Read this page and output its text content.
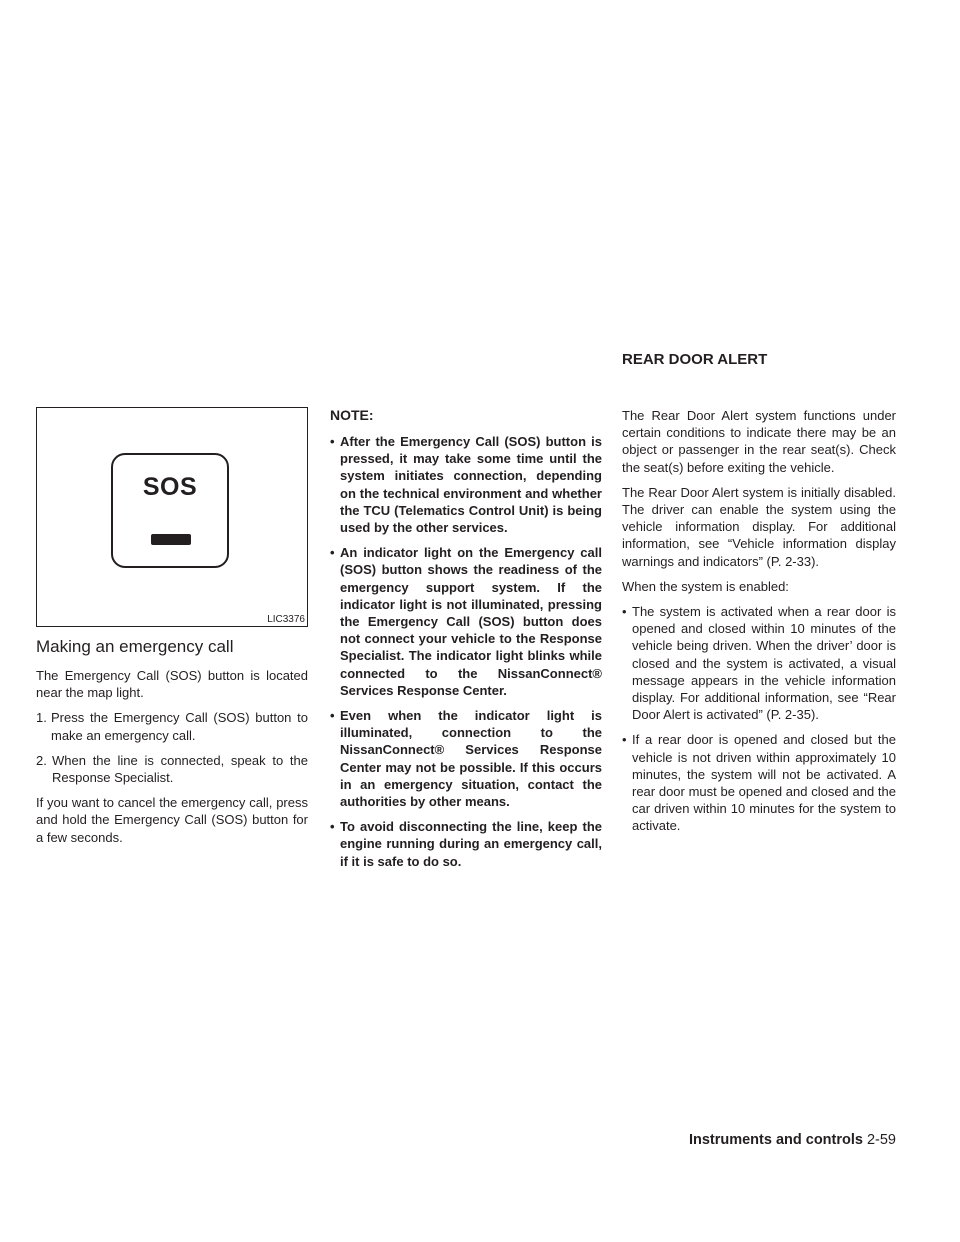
REAR DOOR ALERT
SOS
LIC3376
Making an emergency call

The Emergency Call (SOS) button is located near the map light.

1. Press the Emergency Call (SOS) button to make an emergency call.
2. When the line is connected, speak to the Response Specialist.

If you want to cancel the emergency call, press and hold the Emergency Call (SOS) button for a few seconds.

NOTE:
• After the Emergency Call (SOS) button is pressed, it may take some time until the system initiates connection, depending on the technical environment and whether the TCU (Telematics Control Unit) is being used by the other services.
• An indicator light on the Emergency call (SOS) button shows the readiness of the emergency support system. If the indicator light is not illuminated, pressing the Emergency Call (SOS) button does not connect your vehicle to the Response Specialist. The indicator light blinks while connected to the NissanConnect® Services Response Center.
• Even when the indicator light is illuminated, connection to the NissanConnect® Services Response Center may not be possible. If this occurs in an emergency situation, contact the authorities by other means.
• To avoid disconnecting the line, keep the engine running during an emergency call, if it is safe to do so.

The Rear Door Alert system functions under certain conditions to indicate there may be an object or passenger in the rear seat(s). Check the seat(s) before exiting the vehicle.

The Rear Door Alert system is initially disabled. The driver can enable the system using the vehicle information display. For additional information, see “Vehicle information display warnings and indicators” (P. 2-33).

When the system is enabled:

• The system is activated when a rear door is opened and closed within 10 minutes of the vehicle being driven. When the driver’ door is closed and the system is activated, a visual message appears in the vehicle information display. For additional information, see “Rear Door Alert is activated” (P. 2-35).
• If a rear door is opened and closed but the vehicle is not driven within approximately 10 minutes, the system will not be activated. A rear door must be opened and closed and the car driven within 10 minutes for the system to activate.
Instruments and controls 2-59
